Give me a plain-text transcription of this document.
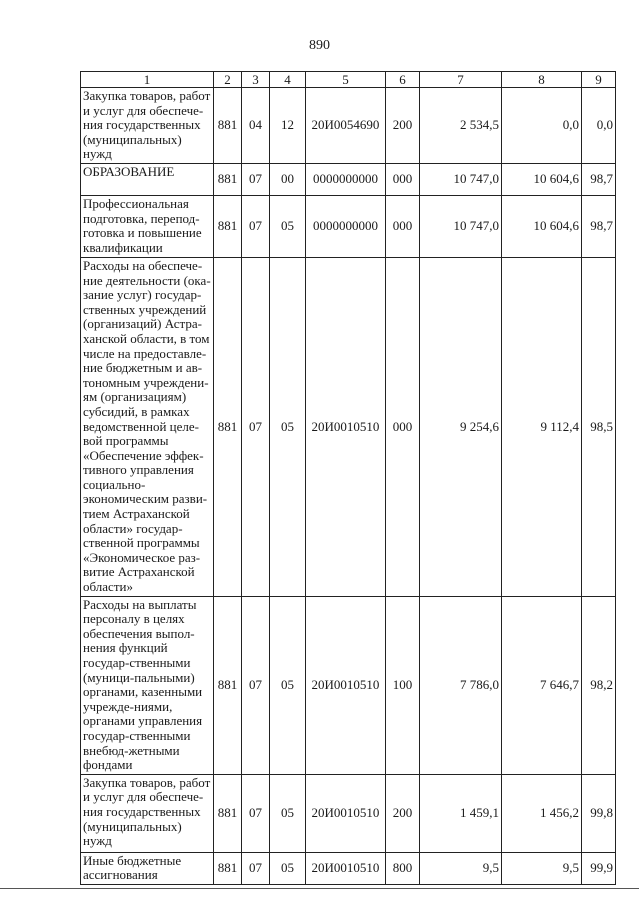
890
1	2	3	4	5	6	7	8	9
Закупка товаров, работ и услуг для обеспече-ния государственных (муниципальных) нужд	881	04	12	20И0054690	200	2 534,5	0,0	0,0
ОБРАЗОВАНИЕ	881	07	00	0000000000	000	10 747,0	10 604,6	98,7
Профессиональная подготовка, перепод-готовка и повышение квалификации	881	07	05	0000000000	000	10 747,0	10 604,6	98,7
Расходы на обеспече-ние деятельности (ока-зание услуг) государ-ственных учреждений (организаций) Астра-ханской области, в том числе на предоставле-ние бюджетным и ав-тономным учреждени-ям (организациям) субсидий, в рамках ведомственной целе-вой программы «Обеспечение эффек-тивного управления социально-экономическим разви-тием Астраханской области» государ-ственной программы «Экономическое раз-витие Астраханской области»	881	07	05	20И0010510	000	9 254,6	9 112,4	98,5
Расходы на выплаты персоналу в целях обеспечения выпол-нения функций государ-ственными (муници-пальными) органами, казенными учрежде-ниями, органами управления государ-ственными внебюд-жетными фондами	881	07	05	20И0010510	100	7 786,0	7 646,7	98,2
Закупка товаров, работ и услуг для обеспече-ния государственных (муниципальных) нужд	881	07	05	20И0010510	200	1 459,1	1 456,2	99,8
Иные бюджетные ассигнования	881	07	05	20И0010510	800	9,5	9,5	99,9
